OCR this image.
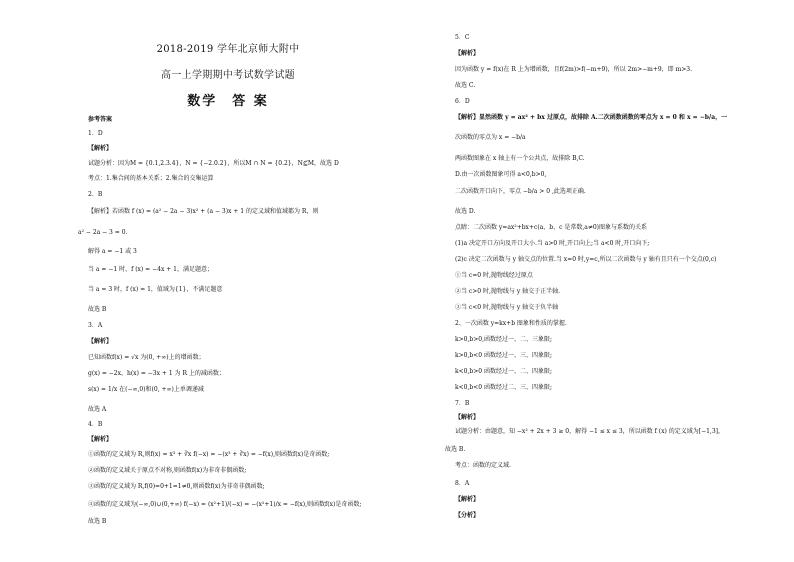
2018-2019 学年北京师大附中
高一上学期期中考试数学试题
数学　答 案
参考答案
1．D
【解析】
试题分析：因为M = {0.1,2.3.4}，N = {−2.0.2}，所以M ∩ N = {0.2}，N⊈M，故选 D
考点：1.集合间的基本关系；2.集合的交集运算
2．B
【解析】若函数 f (x) = (a² − 2a − 3)x² + (a − 3)x + 1 的定义域和值域都为 R，则
a² − 2a − 3 = 0．
解得 a = −1 或 3
当 a = −1 时，f (x) = −4x + 1，满足题意；
当 a = 3 时，f (x) = 1，值域为{1}，不满足题意
故选 B
3．A
【解析】
已知函数f(x) = √x 为(0, +∞)上的增函数；
g(x) = −2x，h(x) = −3x + 1 为 R 上的减函数；
s(x) = 1/x 在(−∞,0)和(0, +∞)上单调递减
故选 A
4．B
【解析】
①函数的定义域为 R,则f(x) = x³ + ∛x f(−x) = −(x³ + ∛x) = −f(x),则函数f(x)是奇函数;
②函数的定义域关于原点不对称,则函数f(x)为非奇非偶函数;
③函数的定义域为 R,f(0)=0+1=1≠0,则函数f(x)为非奇非偶函数;
④函数的定义域为(−∞,0)∪(0,+∞) f(−x) = (x²+1)/(−x) = −(x²+1)/x = −f(x),则函数f(x)是奇函数;
故选 B
5．C
【解析】
因为函数 y = f(x)在 R 上为增函数，且f(2m)>f(−m+9)，所以 2m>−m+9，即 m>3.
故选 C.
6．D
【解析】显然函数 y = ax² + bx 过原点，故排除 A.二次函数函数的零点为 x = 0 和 x = −b/a，一
次函数的零点为 x = −b/a
两函数图象在 x 轴上有一个公共点，故排除 B,C.
D.由一次函数图象可得 a<0,b>0,
二次函数开口向下，零点 −b/a > 0 ,此选项正确.
故选 D.
点睛：二次函数 y=ax²+bx+c(a、b、c 是常数,a≠0)图象与系数的关系
(1)a 决定开口方向及开口大小.当 a>0 时,开口向上;当 a<0 时,开口向下;
(2)c 决定二次函数与 y 轴交点的位置.当 x=0 时,y=c,所以二次函数与 y 轴有且只有一个交点(0,c)
①当 c=0 时,抛物线经过原点
②当 c>0 时,抛物线与 y 轴交于正半轴.
③当 c<0 时,抛物线与 y 轴交于负半轴
2、一次函数 y=kx+b 图象和性质的掌握.
k>0,b>0,函数经过一、二、三象限;
k>0,b<0 函数经过一、三、四象限;
k<0,b>0 函数经过一、二、四象限;
k<0,b<0 函数经过二、三、四象限;
7．B
【解析】
试题分析：由题意，知 −x² + 2x + 3 ≥ 0，解得 −1 ≤ x ≤ 3，所以函数 f (x) 的定义域为[−1,3]，
故选 B.
考点：函数的定义域.
8．A
【解析】
【分析】
